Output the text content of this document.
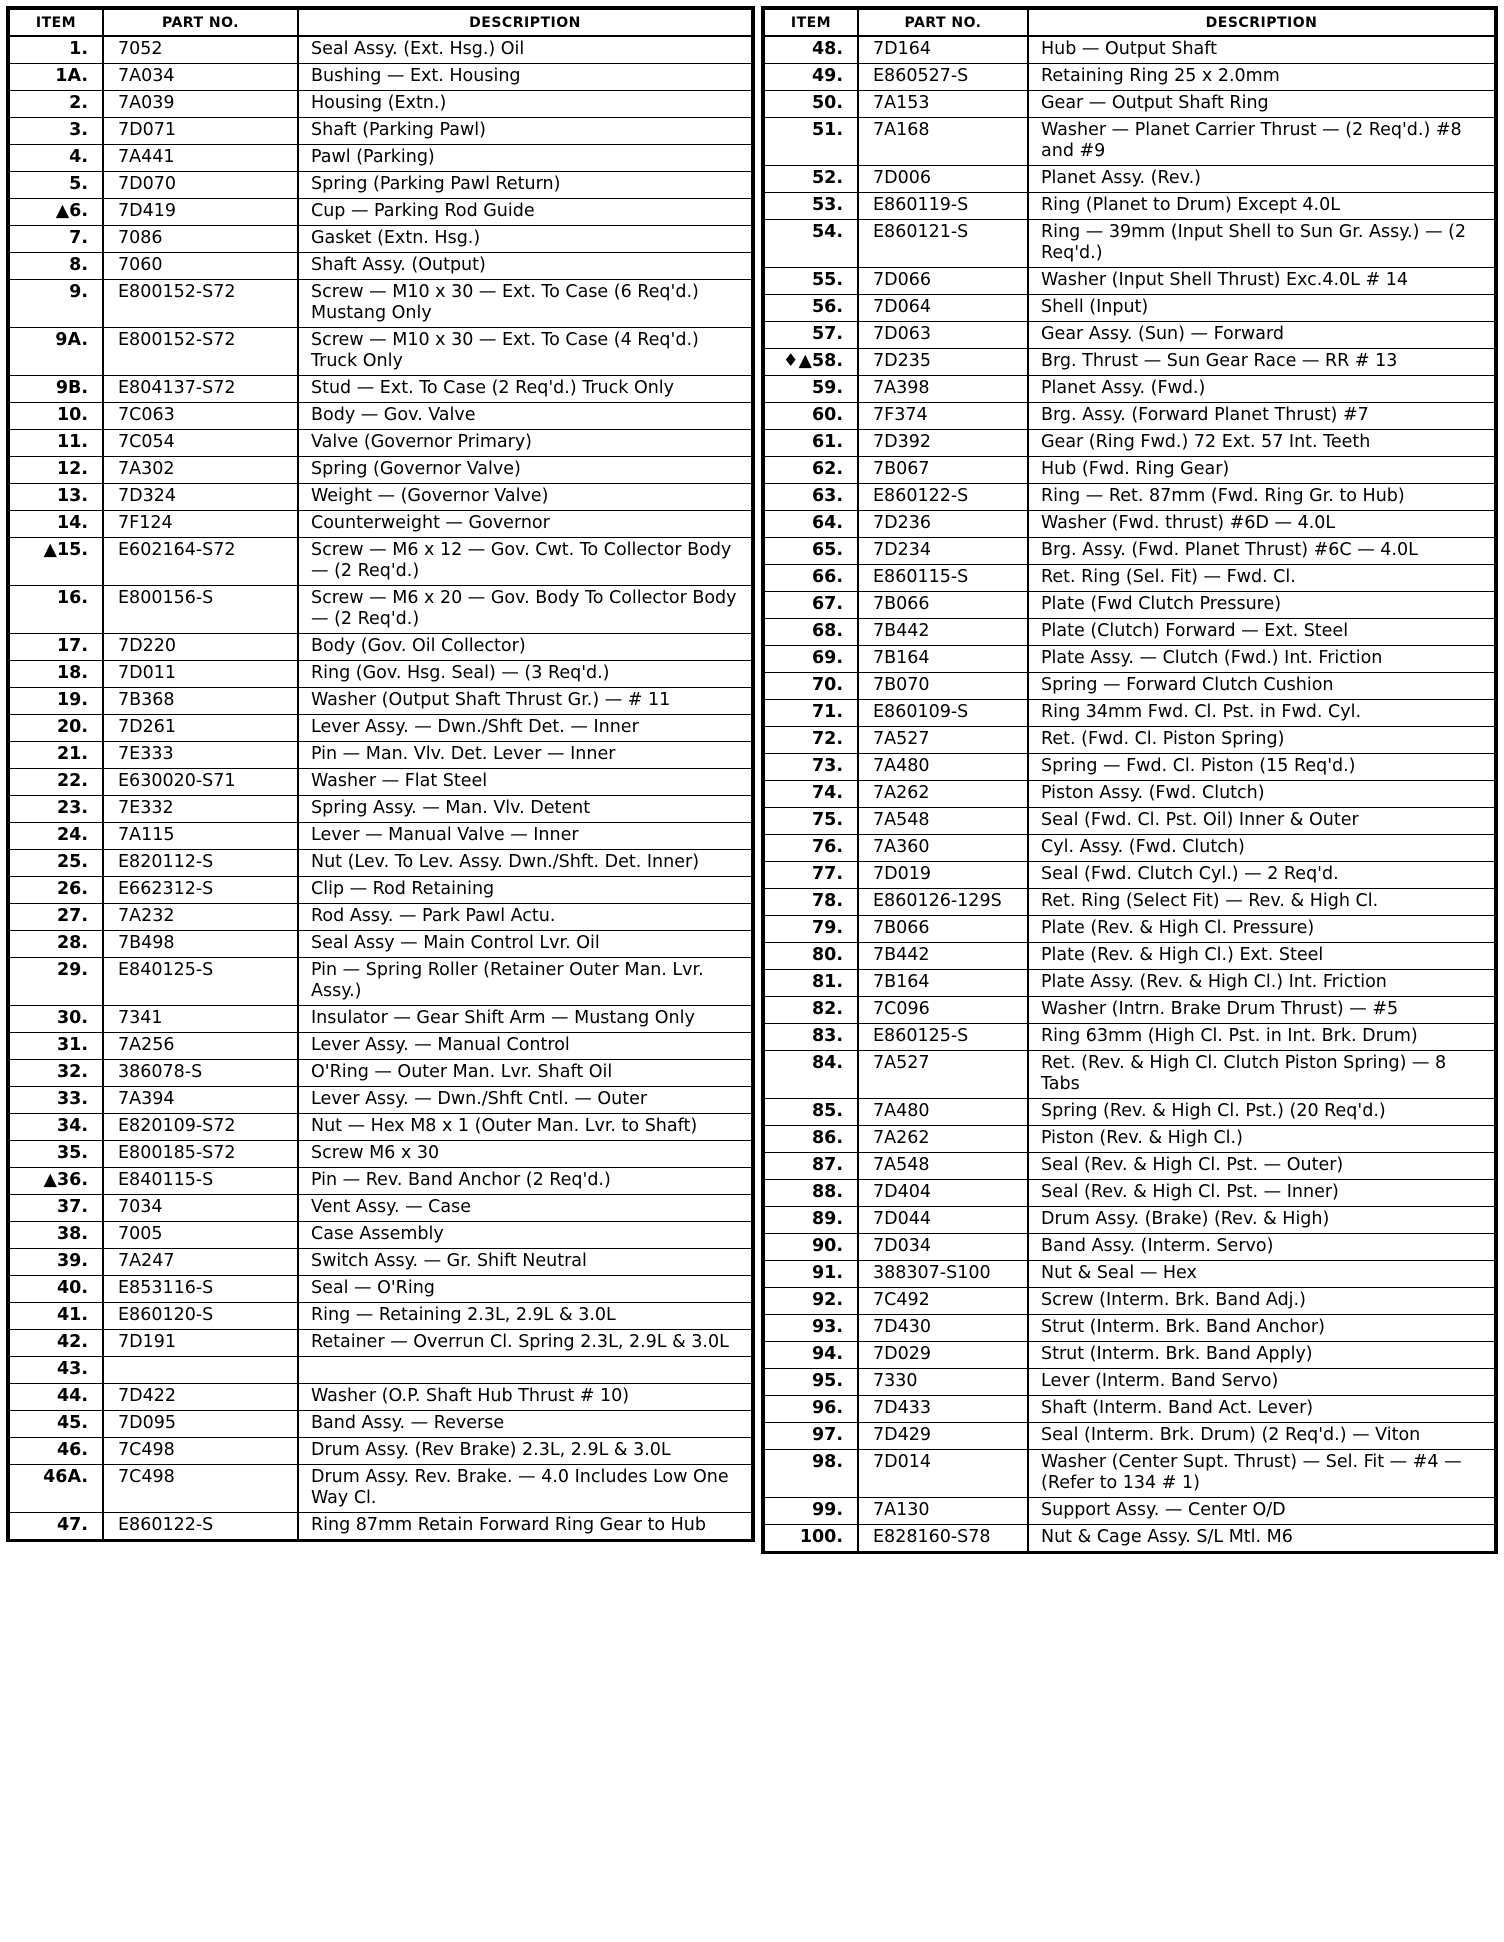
ITEM	PART NO.	DESCRIPTION
1.	7052	Seal Assy. (Ext. Hsg.) Oil
1A.	7A034	Bushing — Ext. Housing
2.	7A039	Housing (Extn.)
3.	7D071	Shaft (Parking Pawl)
4.	7A441	Pawl (Parking)
5.	7D070	Spring (Parking Pawl Return)
▲6.	7D419	Cup — Parking Rod Guide
7.	7086	Gasket (Extn. Hsg.)
8.	7060	Shaft Assy. (Output)
9.	E800152-S72	Screw — M10 x 30 — Ext. To Case (6 Req'd.) Mustang Only
9A.	E800152-S72	Screw — M10 x 30 — Ext. To Case (4 Req'd.) Truck Only
9B.	E804137-S72	Stud — Ext. To Case (2 Req'd.) Truck Only
10.	7C063	Body — Gov. Valve
11.	7C054	Valve (Governor Primary)
12.	7A302	Spring (Governor Valve)
13.	7D324	Weight — (Governor Valve)
14.	7F124	Counterweight — Governor
▲15.	E602164-S72	Screw — M6 x 12 — Gov. Cwt. To Collector Body — (2 Req'd.)
16.	E800156-S	Screw — M6 x 20 — Gov. Body To Collector Body — (2 Req'd.)
17.	7D220	Body (Gov. Oil Collector)
18.	7D011	Ring (Gov. Hsg. Seal) — (3 Req'd.)
19.	7B368	Washer (Output Shaft Thrust Gr.) — # 11
20.	7D261	Lever Assy. — Dwn./Shft Det. — Inner
21.	7E333	Pin — Man. Vlv. Det. Lever — Inner
22.	E630020-S71	Washer — Flat Steel
23.	7E332	Spring Assy. — Man. Vlv. Detent
24.	7A115	Lever — Manual Valve — Inner
25.	E820112-S	Nut (Lev. To Lev. Assy. Dwn./Shft. Det. Inner)
26.	E662312-S	Clip — Rod Retaining
27.	7A232	Rod Assy. — Park Pawl Actu.
28.	7B498	Seal Assy — Main Control Lvr. Oil
29.	E840125-S	Pin — Spring Roller (Retainer Outer Man. Lvr. Assy.)
30.	7341	Insulator — Gear Shift Arm — Mustang Only
31.	7A256	Lever Assy. — Manual Control
32.	386078-S	O'Ring — Outer Man. Lvr. Shaft Oil
33.	7A394	Lever Assy. — Dwn./Shft Cntl. — Outer
34.	E820109-S72	Nut — Hex M8 x 1 (Outer Man. Lvr. to Shaft)
35.	E800185-S72	Screw M6 x 30
▲36.	E840115-S	Pin — Rev. Band Anchor (2 Req'd.)
37.	7034	Vent Assy. — Case
38.	7005	Case Assembly
39.	7A247	Switch Assy. — Gr. Shift Neutral
40.	E853116-S	Seal — O'Ring
41.	E860120-S	Ring — Retaining 2.3L, 2.9L & 3.0L
42.	7D191	Retainer — Overrun Cl. Spring 2.3L, 2.9L & 3.0L
43.		
44.	7D422	Washer (O.P. Shaft Hub Thrust # 10)
45.	7D095	Band Assy. — Reverse
46.	7C498	Drum Assy. (Rev Brake) 2.3L, 2.9L & 3.0L
46A.	7C498	Drum Assy. Rev. Brake. — 4.0 Includes Low One Way Cl.
47.	E860122-S	Ring 87mm Retain Forward Ring Gear to Hub
ITEM	PART NO.	DESCRIPTION
48.	7D164	Hub — Output Shaft
49.	E860527-S	Retaining Ring 25 x 2.0mm
50.	7A153	Gear — Output Shaft Ring
51.	7A168	Washer — Planet Carrier Thrust — (2 Req'd.) #8 and #9
52.	7D006	Planet Assy. (Rev.)
53.	E860119-S	Ring (Planet to Drum) Except 4.0L
54.	E860121-S	Ring — 39mm (Input Shell to Sun Gr. Assy.) — (2 Req'd.)
55.	7D066	Washer (Input Shell Thrust) Exc.4.0L # 14
56.	7D064	Shell (Input)
57.	7D063	Gear Assy. (Sun) — Forward
♦▲58.	7D235	Brg. Thrust — Sun Gear Race — RR # 13
59.	7A398	Planet Assy. (Fwd.)
60.	7F374	Brg. Assy. (Forward Planet Thrust) #7
61.	7D392	Gear (Ring Fwd.) 72 Ext. 57 Int. Teeth
62.	7B067	Hub (Fwd. Ring Gear)
63.	E860122-S	Ring — Ret. 87mm (Fwd. Ring Gr. to Hub)
64.	7D236	Washer (Fwd. thrust) #6D — 4.0L
65.	7D234	Brg. Assy. (Fwd. Planet Thrust) #6C — 4.0L
66.	E860115-S	Ret. Ring (Sel. Fit) — Fwd. Cl.
67.	7B066	Plate (Fwd Clutch Pressure)
68.	7B442	Plate (Clutch) Forward — Ext. Steel
69.	7B164	Plate Assy. — Clutch (Fwd.) Int. Friction
70.	7B070	Spring — Forward Clutch Cushion
71.	E860109-S	Ring 34mm Fwd. Cl. Pst. in Fwd. Cyl.
72.	7A527	Ret. (Fwd. Cl. Piston Spring)
73.	7A480	Spring — Fwd. Cl. Piston (15 Req'd.)
74.	7A262	Piston Assy. (Fwd. Clutch)
75.	7A548	Seal (Fwd. Cl. Pst. Oil) Inner & Outer
76.	7A360	Cyl. Assy. (Fwd. Clutch)
77.	7D019	Seal (Fwd. Clutch Cyl.) — 2 Req'd.
78.	E860126-129S	Ret. Ring (Select Fit) — Rev. & High Cl.
79.	7B066	Plate (Rev. & High Cl. Pressure)
80.	7B442	Plate (Rev. & High Cl.) Ext. Steel
81.	7B164	Plate Assy. (Rev. & High Cl.) Int. Friction
82.	7C096	Washer (Intrn. Brake Drum Thrust) — #5
83.	E860125-S	Ring 63mm (High Cl. Pst. in Int. Brk. Drum)
84.	7A527	Ret. (Rev. & High Cl. Clutch Piston Spring) — 8 Tabs
85.	7A480	Spring (Rev. & High Cl. Pst.) (20 Req'd.)
86.	7A262	Piston (Rev. & High Cl.)
87.	7A548	Seal (Rev. & High Cl. Pst. — Outer)
88.	7D404	Seal (Rev. & High Cl. Pst. — Inner)
89.	7D044	Drum Assy. (Brake) (Rev. & High)
90.	7D034	Band Assy. (Interm. Servo)
91.	388307-S100	Nut & Seal — Hex
92.	7C492	Screw (Interm. Brk. Band Adj.)
93.	7D430	Strut (Interm. Brk. Band Anchor)
94.	7D029	Strut (Interm. Brk. Band Apply)
95.	7330	Lever (Interm. Band Servo)
96.	7D433	Shaft (Interm. Band Act. Lever)
97.	7D429	Seal (Interm. Brk. Drum) (2 Req'd.) — Viton
98.	7D014	Washer (Center Supt. Thrust) — Sel. Fit — #4 — (Refer to 134 # 1)
99.	7A130	Support Assy. — Center O/D
100.	E828160-S78	Nut & Cage Assy. S/L Mtl. M6
